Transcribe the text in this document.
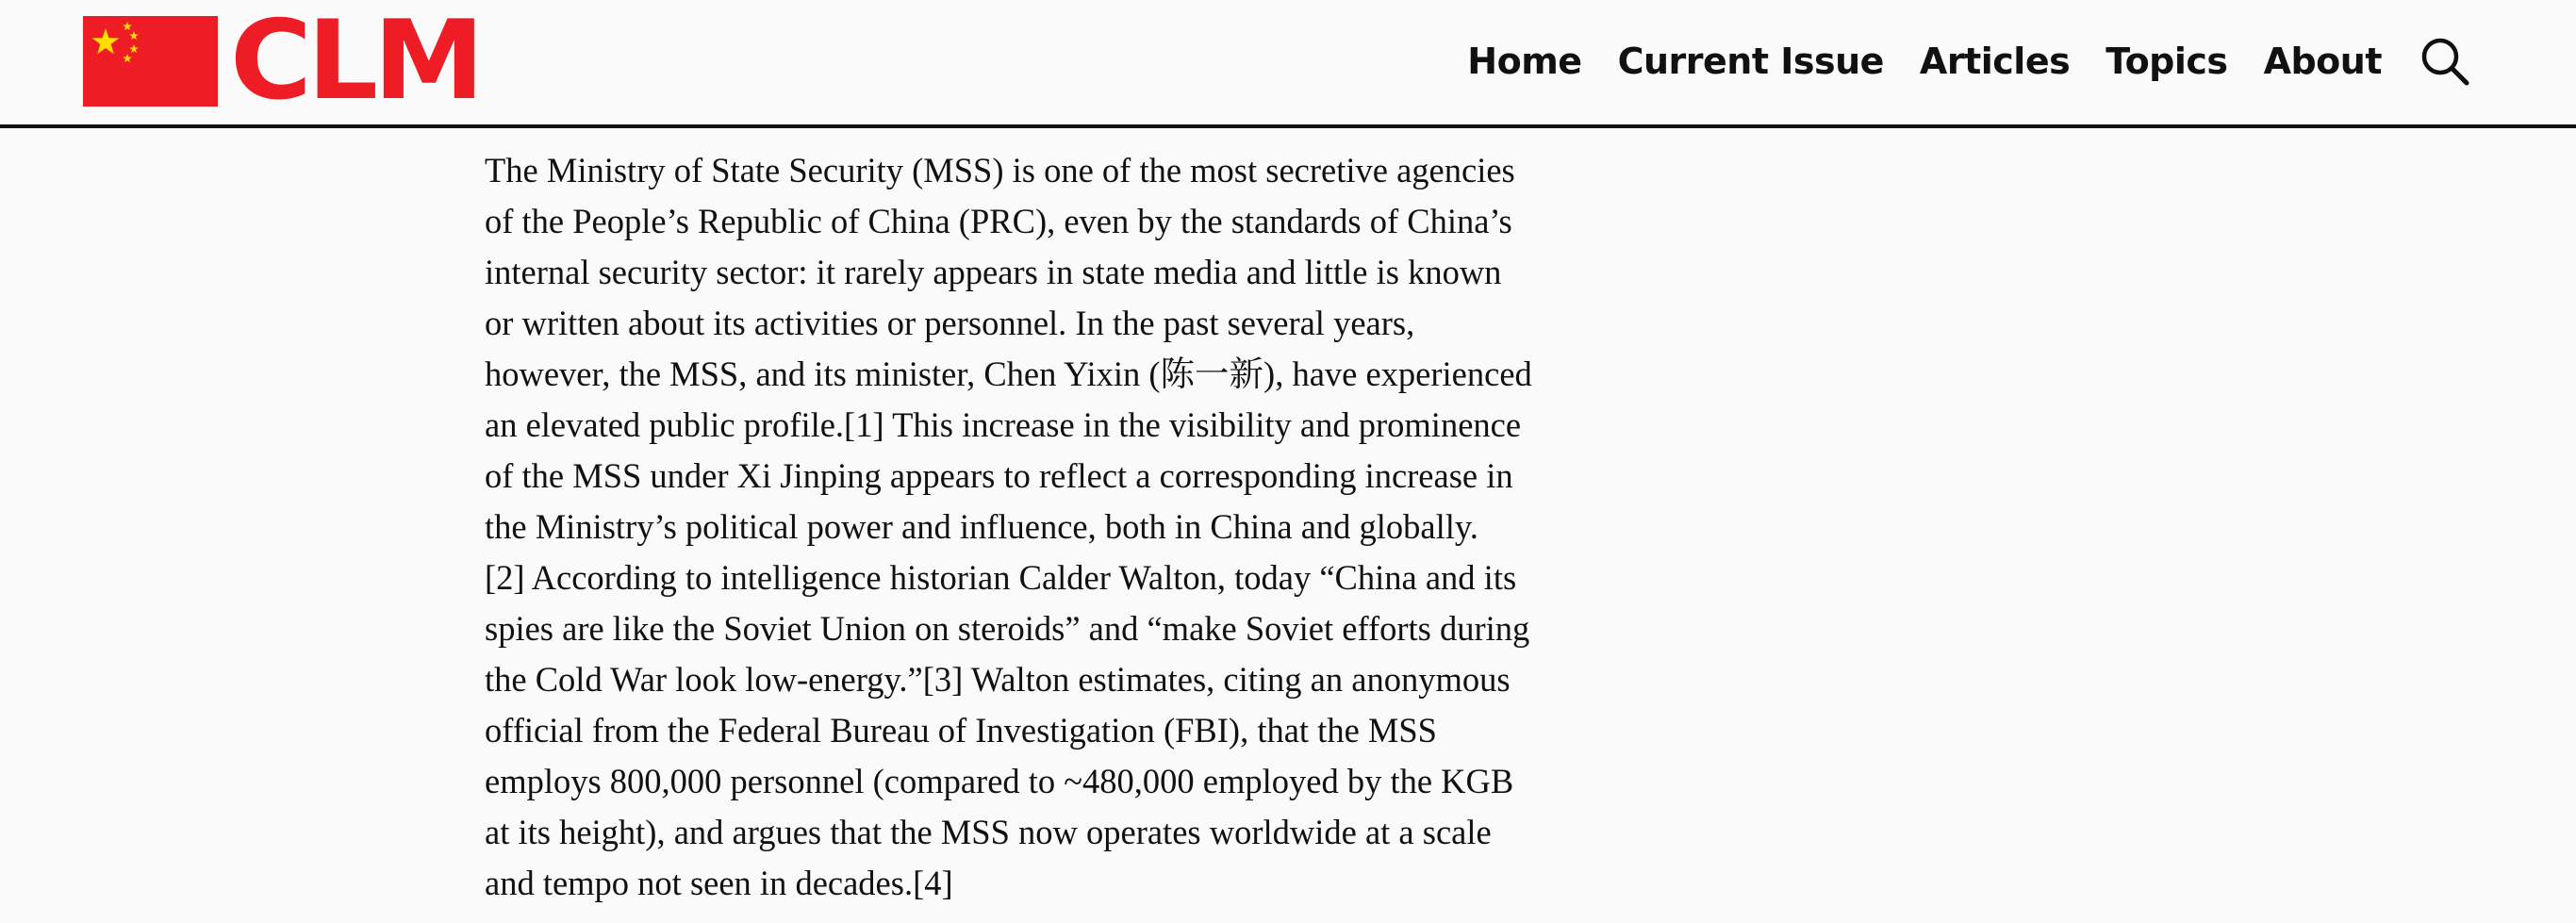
CLM	Home Current Issue Articles Topics About

The Ministry of State Security (MSS) is one of the most secretive agencies
of the People’s Republic of China (PRC), even by the standards of China’s
internal security sector: it rarely appears in state media and little is known
or written about its activities or personnel. In the past several years,
however, the MSS, and its minister, Chen Yixin (陈一新), have experienced
an elevated public profile.[1] This increase in the visibility and prominence
of the MSS under Xi Jinping appears to reflect a corresponding increase in
the Ministry’s political power and influence, both in China and globally.
[2] According to intelligence historian Calder Walton, today “China and its
spies are like the Soviet Union on steroids” and “make Soviet efforts during
the Cold War look low-energy.”[3] Walton estimates, citing an anonymous
official from the Federal Bureau of Investigation (FBI), that the MSS
employs 800,000 personnel (compared to ~480,000 employed by the KGB
at its height), and argues that the MSS now operates worldwide at a scale
and tempo not seen in decades.[4]
